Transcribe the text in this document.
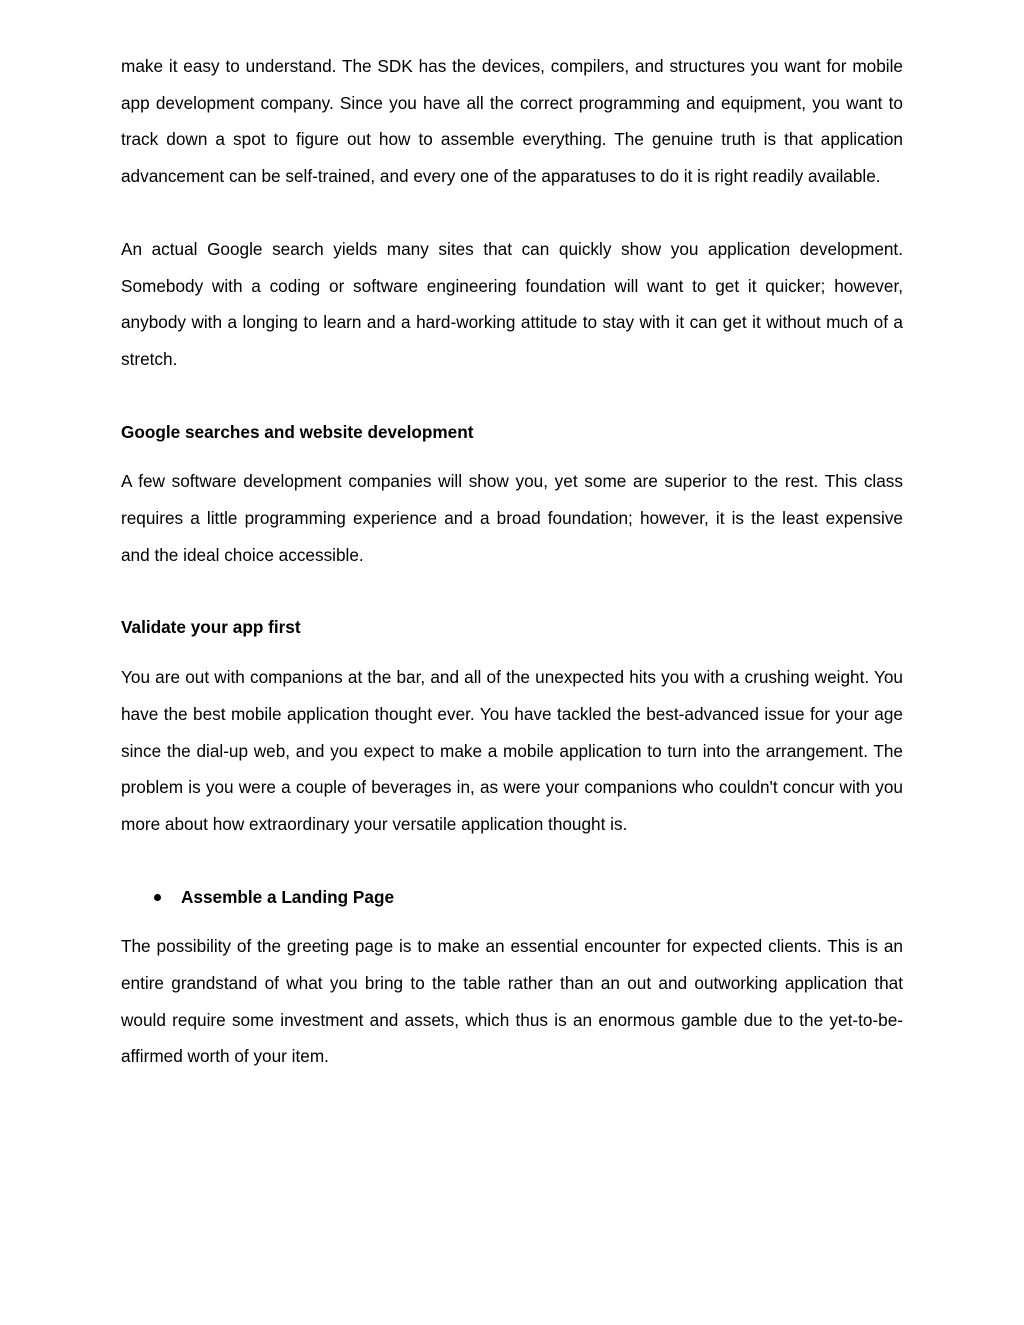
make it easy to understand. The SDK has the devices, compilers, and structures you want for mobile app development company. Since you have all the correct programming and equipment, you want to track down a spot to figure out how to assemble everything. The genuine truth is that application advancement can be self-trained, and every one of the apparatuses to do it is right readily available.

An actual Google search yields many sites that can quickly show you application development. Somebody with a coding or software engineering foundation will want to get it quicker; however, anybody with a longing to learn and a hard-working attitude to stay with it can get it without much of a stretch.

Google searches and website development

A few software development companies will show you, yet some are superior to the rest. This class requires a little programming experience and a broad foundation; however, it is the least expensive and the ideal choice accessible.

Validate your app first

You are out with companions at the bar, and all of the unexpected hits you with a crushing weight. You have the best mobile application thought ever. You have tackled the best-advanced issue for your age since the dial-up web, and you expect to make a mobile application to turn into the arrangement. The problem is you were a couple of beverages in, as were your companions who couldn't concur with you more about how extraordinary your versatile application thought is.

Assemble a Landing Page

The possibility of the greeting page is to make an essential encounter for expected clients. This is an entire grandstand of what you bring to the table rather than an out and outworking application that would require some investment and assets, which thus is an enormous gamble due to the yet-to-be-affirmed worth of your item.
